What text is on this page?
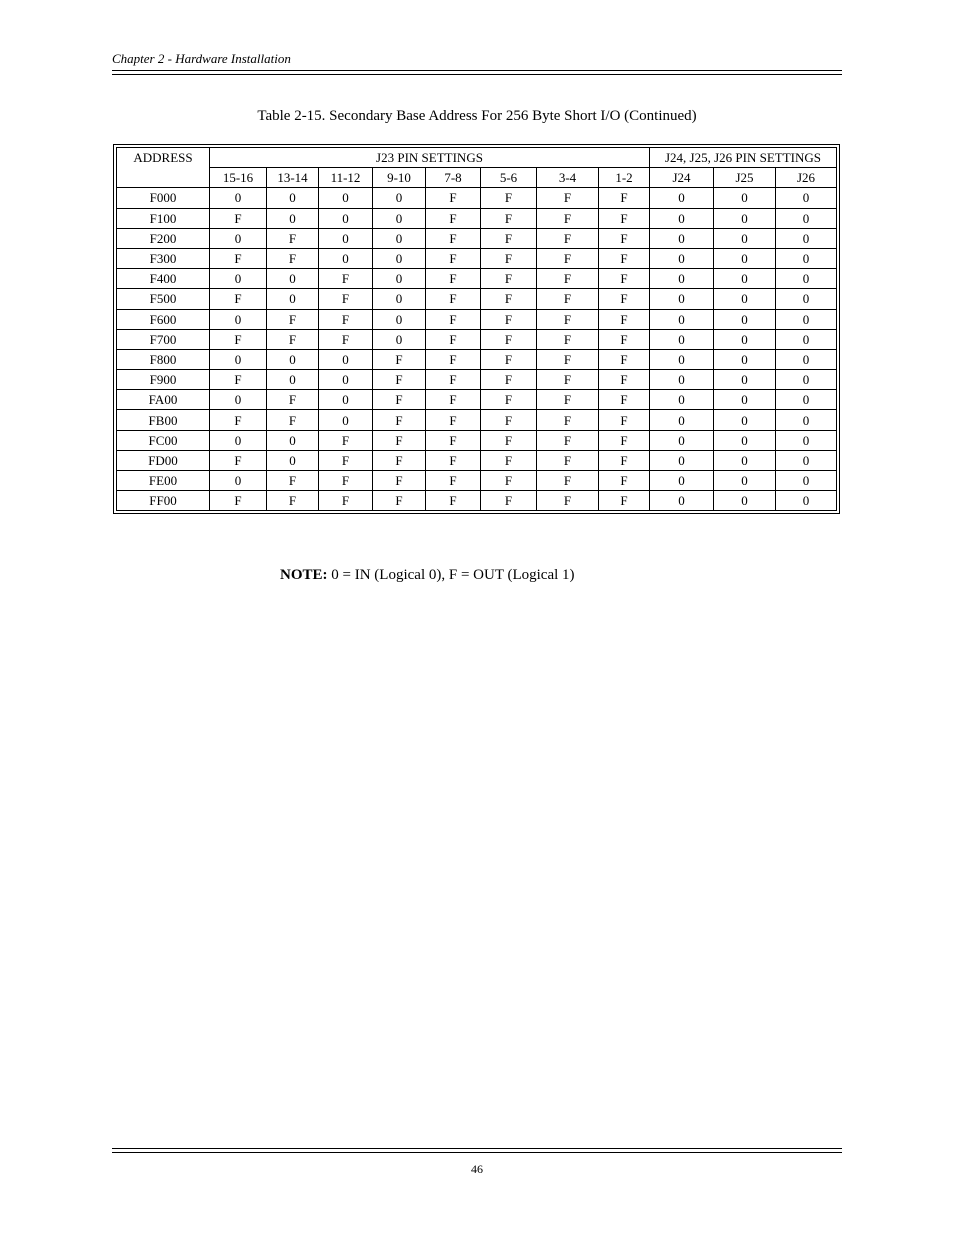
Chapter 2 - Hardware Installation
Table 2-15. Secondary Base Address For 256 Byte Short I/O (Continued)
ADDRESS	J23 PIN SETTINGS								J24, J25, J26 PIN SETTINGS		
	15-16	13-14	11-12	9-10	7-8	5-6	3-4	1-2	J24	J25	J26
F000	0	0	0	0	F	F	F	F	0	0	0
F100	F	0	0	0	F	F	F	F	0	0	0
F200	0	F	0	0	F	F	F	F	0	0	0
F300	F	F	0	0	F	F	F	F	0	0	0
F400	0	0	F	0	F	F	F	F	0	0	0
F500	F	0	F	0	F	F	F	F	0	0	0
F600	0	F	F	0	F	F	F	F	0	0	0
F700	F	F	F	0	F	F	F	F	0	0	0
F800	0	0	0	F	F	F	F	F	0	0	0
F900	F	0	0	F	F	F	F	F	0	0	0
FA00	0	F	0	F	F	F	F	F	0	0	0
FB00	F	F	0	F	F	F	F	F	0	0	0
FC00	0	0	F	F	F	F	F	F	0	0	0
FD00	F	0	F	F	F	F	F	F	0	0	0
FE00	0	F	F	F	F	F	F	F	0	0	0
FF00	F	F	F	F	F	F	F	F	0	0	0
NOTE: 0 = IN (Logical 0), F = OUT (Logical 1)
46
